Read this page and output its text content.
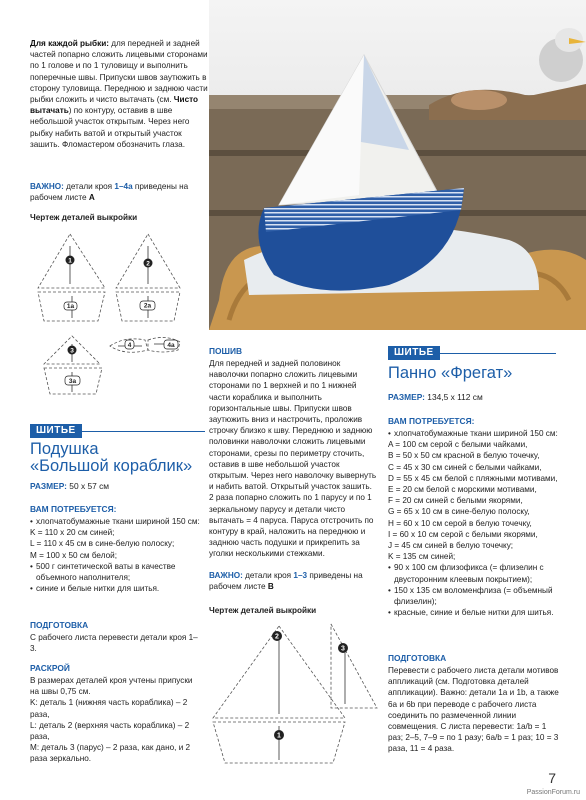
Для каждой рыбки: для передней и задней частей попарно сложить лицевыми сторонами по 1 голове и по 1 туловищу и выполнить поперечные швы. Припуски швов заутюжить в сторону туловища. Переднюю и заднюю части рыбки сложить и чисто вытачать (см. Чисто вытачать) по контуру, оставив в шве небольшой участок открытым. Через него рыбку набить ватой и открытый участок зашить. Фломастером обозначить глаза.
ВАЖНО: детали кроя 1–4а приведены на рабочем листе А
Чертеж деталей выкройки
1
1а
2
2а
3
4	4а
3а
ШИТЬЕ
Подушка
«Большой кораблик»
РАЗМЕР: 50 х 57 см
ВАМ ПОТРЕБУЕТСЯ:
• хлопчатобумажные ткани шириной 150 см:
K = 110 x 20 см синей;
L = 110 x 45 см в сине-белую полоску;
M = 100 x 50 см белой;
• 500 г синтетической ваты в качестве объемного наполнителя;
• синие и белые нитки для шитья.
ПОДГОТОВКА
С рабочего листа перевести детали кроя 1–3.
РАСКРОЙ
В размерах деталей кроя учтены припуски на швы 0,75 см.
K: деталь 1 (нижняя часть кораблика) – 2 раза,
L: деталь 2 (верхняя часть кораблика) – 2 раза,
M: деталь 3 (парус) – 2 раза, как дано, и 2 раза зеркально.
ПОШИВ
Для передней и задней половинок наволочки попарно сложить лицевыми сторонами по 1 верхней и по 1 нижней части кораблика и выполнить горизонтальные швы. Припуски швов заутюжить вниз и настрочить, проложив строчку близко к шву. Переднюю и заднюю половинки наволочки сложить лицевыми сторонами, срезы по периметру сточить, оставив в шве небольшой участок открытым. Через него наволочку вывернуть и набить ватой. Открытый участок зашить. 2 раза попарно сложить по 1 парусу и по 1 зеркальному парусу и детали чисто вытачать = 4 паруса. Паруса отстрочить по контуру в край, наложить на переднюю и заднюю часть подушки и прикрепить за уголки несколькими стежками.
ВАЖНО: детали кроя 1–3 приведены на рабочем листе B
Чертеж деталей выкройки
2
3
1
ШИТЬЕ
Панно «Фрегат»
РАЗМЕР: 134,5 х 112 см
ВАМ ПОТРЕБУЕТСЯ:
• хлопчатобумажные ткани шириной 150 см:
A = 100 см серой с белыми чайками,
B = 50 x 50 см красной в белую точечку,
C = 45 x 30 см синей с белыми чайками,
D = 55 x 45 см белой с пляжными мотивами,
E = 20 см белой с морскими мотивами,
F = 20 см синей с белыми якорями,
G = 65 x 10 см в сине-белую полоску,
H = 60 x 10 см серой в белую точечку,
I = 60 x 10 см серой с белыми якорями,
J = 45 см синей в белую точечку;
K = 135 см синей;
• 90 x 100 см флизофикса (= флизелин с двусторонним клеевым покрытием);
• 150 x 135 см воломенфлиза (= объемный флизелин);
• красные, синие и белые нитки для шитья.
ПОДГОТОВКА
Перевести с рабочего листа детали мотивов аппликаций (см. Подготовка деталей аппликации). Важно: детали 1a и 1b, а также 6a и 6b при переводе с рабочего листа соединить по размеченной линии совмещения. С листа перевести: 1a/b = 1 раз; 2–5, 7–9 = по 1 разу; 6a/b = 1 раз; 10 = 3 раза, 11 = 4 раза.
7
PassionForum.ru
